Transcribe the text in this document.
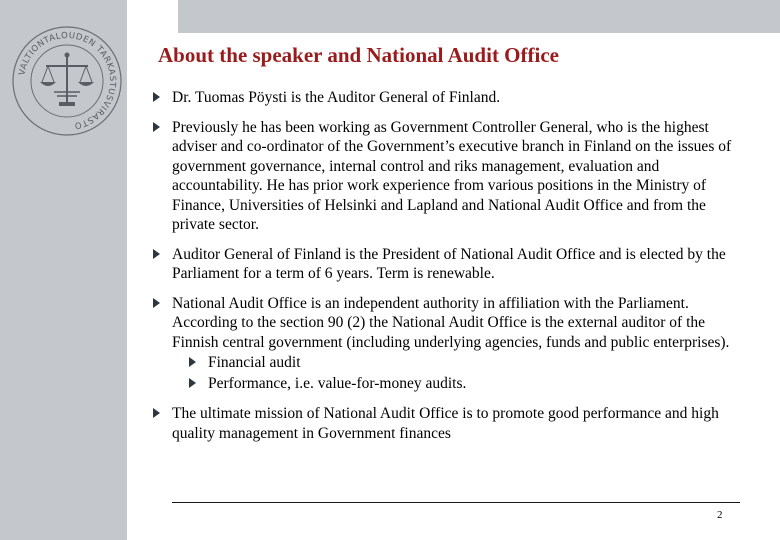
VALTIONTALOUDEN TARKASTUSVIRASTO
About the speaker and National Audit Office
Dr. Tuomas Pöysti is the Auditor General of Finland.
Previously he has been working as Government Controller General, who is the highest adviser and co-ordinator of the Government’s executive branch in Finland on the issues of government governance, internal control and riks management, evaluation and accountability. He has prior work experience from various positions in the Ministry of Finance, Universities of Helsinki and Lapland and National Audit Office and from the private sector.
Auditor General of Finland is the President of National Audit Office and is elected by the Parliament for a term of 6 years. Term is renewable.
National Audit Office is an independent authority in affiliation with the Parliament. According to the section 90 (2) the National Audit Office is the external auditor of the Finnish central government (including underlying agencies, funds and public enterprises).
Financial audit
Performance, i.e. value-for-money audits.
The ultimate mission of National Audit Office is to promote good performance and high quality management in Government finances
2
